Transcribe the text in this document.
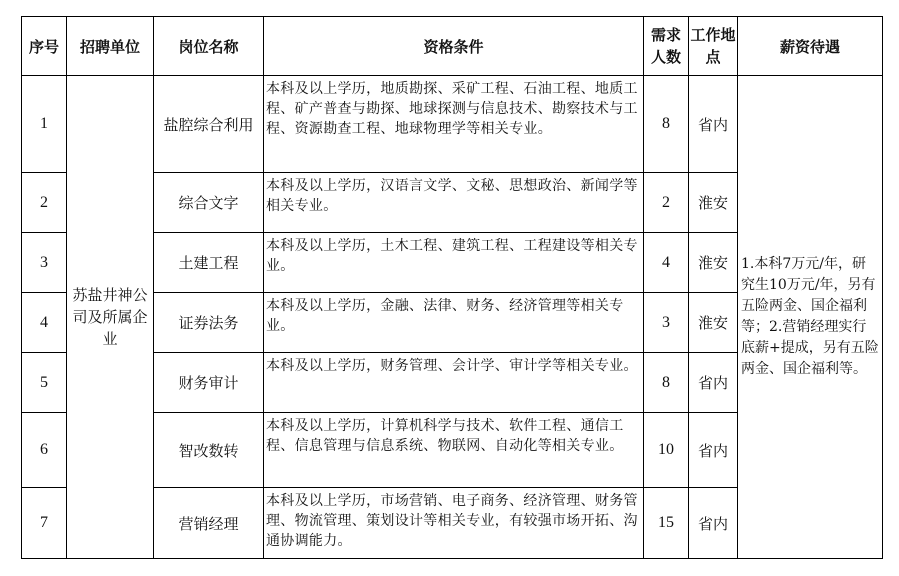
序号	招聘单位	岗位名称	资格条件	需求人数	工作地点	薪资待遇
1	苏盐井神公司及所属企业	盐腔综合利用	本科及以上学历，地质勘探、采矿工程、石油工程、地质工程、矿产普查与勘探、地球探测与信息技术、勘察技术与工程、资源勘查工程、地球物理学等相关专业。	8	省内	1.本科7万元/年，研究生10万元/年，另有五险两金、国企福利等；2.营销经理实行底薪+提成，另有五险两金、国企福利等。
2		综合文字	本科及以上学历，汉语言文学、文秘、思想政治、新闻学等相关专业。	2	淮安	
3		土建工程	本科及以上学历，土木工程、建筑工程、工程建设等相关专业。	4	淮安	
4		证券法务	本科及以上学历，金融、法律、财务、经济管理等相关专业。	3	淮安	
5		财务审计	本科及以上学历，财务管理、会计学、审计学等相关专业。	8	省内	
6		智改数转	本科及以上学历，计算机科学与技术、软件工程、通信工程、信息管理与信息系统、物联网、自动化等相关专业。	10	省内	
7		营销经理	本科及以上学历，市场营销、电子商务、经济管理、财务管理、物流管理、策划设计等相关专业，有较强市场开拓、沟通协调能力。	15	省内	
